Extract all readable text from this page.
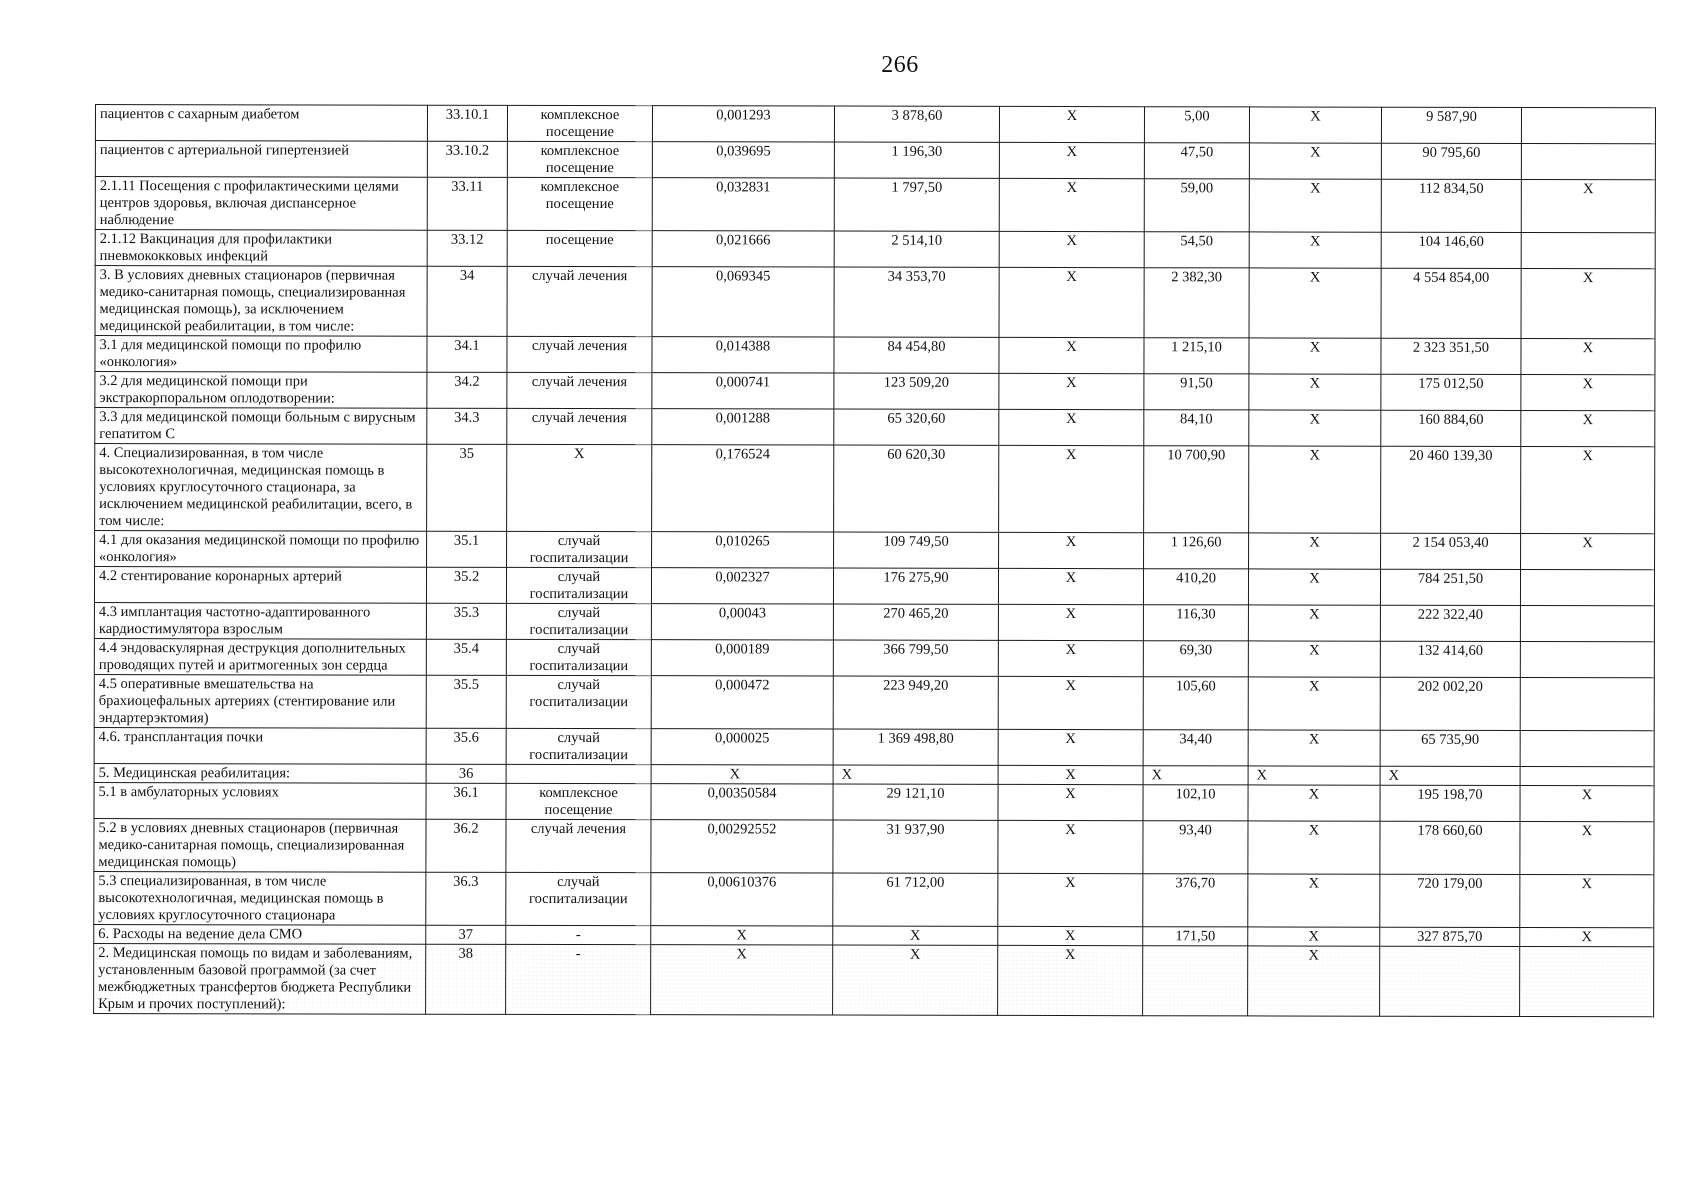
266
пациентов с сахарным диабетом	33.10.1	комплексное посещение	0,001293	3 878,60	Х	5,00	Х	9 587,90	
пациентов с артериальной гипертензией	33.10.2	комплексное посещение	0,039695	1 196,30	Х	47,50	Х	90 795,60	
2.1.11 Посещения с профилактическими целями центров здоровья, включая диспансерное наблюдение	33.11	комплексное посещение	0,032831	1 797,50	Х	59,00	Х	112 834,50	Х
2.1.12 Вакцинация для профилактики пневмококковых инфекций	33.12	посещение	0,021666	2 514,10	Х	54,50	Х	104 146,60	
3. В условиях дневных стационаров (первичная медико-санитарная помощь, специализированная медицинская помощь), за исключением медицинской реабилитации, в том числе:	34	случай лечения	0,069345	34 353,70	Х	2 382,30	Х	4 554 854,00	Х
3.1 для медицинской помощи по профилю «онкология»	34.1	случай лечения	0,014388	84 454,80	Х	1 215,10	Х	2 323 351,50	Х
3.2 для медицинской помощи при экстракорпоральном оплодотворении:	34.2	случай лечения	0,000741	123 509,20	Х	91,50	Х	175 012,50	Х
3.3 для медицинской помощи больным с вирусным гепатитом С	34.3	случай лечения	0,001288	65 320,60	Х	84,10	Х	160 884,60	Х
4. Специализированная, в том числе высокотехнологичная, медицинская помощь в условиях круглосуточного стационара, за исключением медицинской реабилитации, всего, в том числе:	35	Х	0,176524	60 620,30	Х	10 700,90	Х	20 460 139,30	Х
4.1 для оказания медицинской помощи по профилю «онкология»	35.1	случай госпитализации	0,010265	109 749,50	Х	1 126,60	Х	2 154 053,40	Х
4.2 стентирование коронарных артерий	35.2	случай госпитализации	0,002327	176 275,90	Х	410,20	Х	784 251,50	
4.3 имплантация частотно-адаптированного кардиостимулятора взрослым	35.3	случай госпитализации	0,00043	270 465,20	Х	116,30	Х	222 322,40	
4.4 эндоваскулярная деструкция дополнительных проводящих путей и аритмогенных зон сердца	35.4	случай госпитализации	0,000189	366 799,50	Х	69,30	Х	132 414,60	
4.5 оперативные вмешательства на брахиоцефальных артериях (стентирование или эндартерэктомия)	35.5	случай госпитализации	0,000472	223 949,20	Х	105,60	Х	202 002,20	
4.6. трансплантация почки	35.6	случай госпитализации	0,000025	1 369 498,80	Х	34,40	Х	65 735,90	
5. Медицинская реабилитация:	36		Х	Х	Х	Х	Х	Х	
5.1 в амбулаторных условиях	36.1	комплексное посещение	0,00350584	29 121,10	Х	102,10	Х	195 198,70	Х
5.2 в условиях дневных стационаров (первичная медико-санитарная помощь, специализированная медицинская помощь)	36.2	случай лечения	0,00292552	31 937,90	Х	93,40	Х	178 660,60	Х
5.3 специализированная, в том числе высокотехнологичная, медицинская помощь в условиях круглосуточного стационара	36.3	случай госпитализации	0,00610376	61 712,00	Х	376,70	Х	720 179,00	Х
6. Расходы на ведение дела СМО	37	-	Х	Х	Х	171,50	Х	327 875,70	Х
2. Медицинская помощь по видам и заболеваниям, установленным базовой программой (за счет межбюджетных трансфертов бюджета Республики Крым и прочих поступлений):	38	-	Х	Х	Х		Х		
